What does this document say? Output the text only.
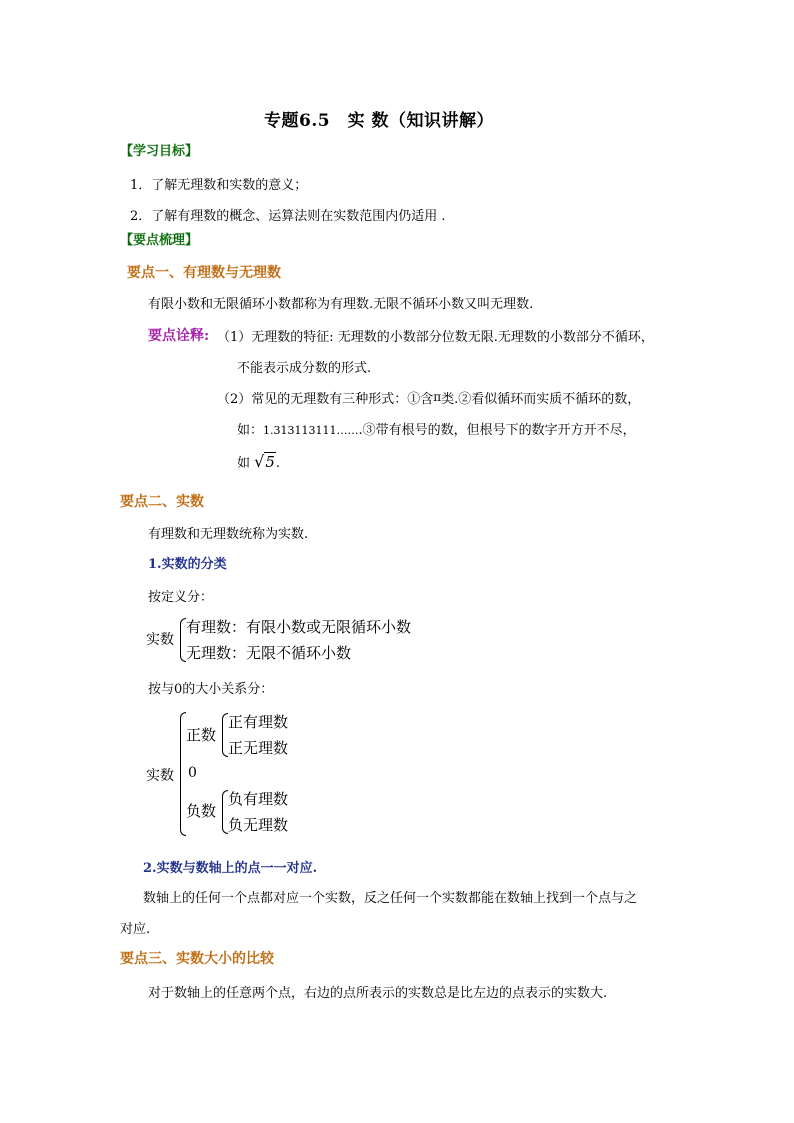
专题6.5　实 数（知识讲解）
【学习目标】
1．了解无理数和实数的意义；
2．了解有理数的概念、运算法则在实数范围内仍适用 .
【要点梳理】
要点一、有理数与无理数
有限小数和无限循环小数都称为有理数.无限不循环小数又叫无理数.
要点诠释: （1）无理数的特征: 无理数的小数部分位数无限.无理数的小数部分不循环，
不能表示成分数的形式.
（2）常见的无理数有三种形式：①含π类.②看似循环而实质不循环的数，
如：1.313113111…….③带有根号的数，但根号下的数字开方开不尽，
如 √5.
要点二、实数
有理数和无理数统称为实数.
1.实数的分类
按定义分：
实数
有理数：有限小数或无限循环小数
无理数：无限不循环小数
按与0的大小关系分：
实数
正数
正有理数
正无理数
0
负数
负有理数
负无理数
2.实数与数轴上的点一一对应.
数轴上的任何一个点都对应一个实数，反之任何一个实数都能在数轴上找到一个点与之
对应.
要点三、实数大小的比较
对于数轴上的任意两个点，右边的点所表示的实数总是比左边的点表示的实数大.
